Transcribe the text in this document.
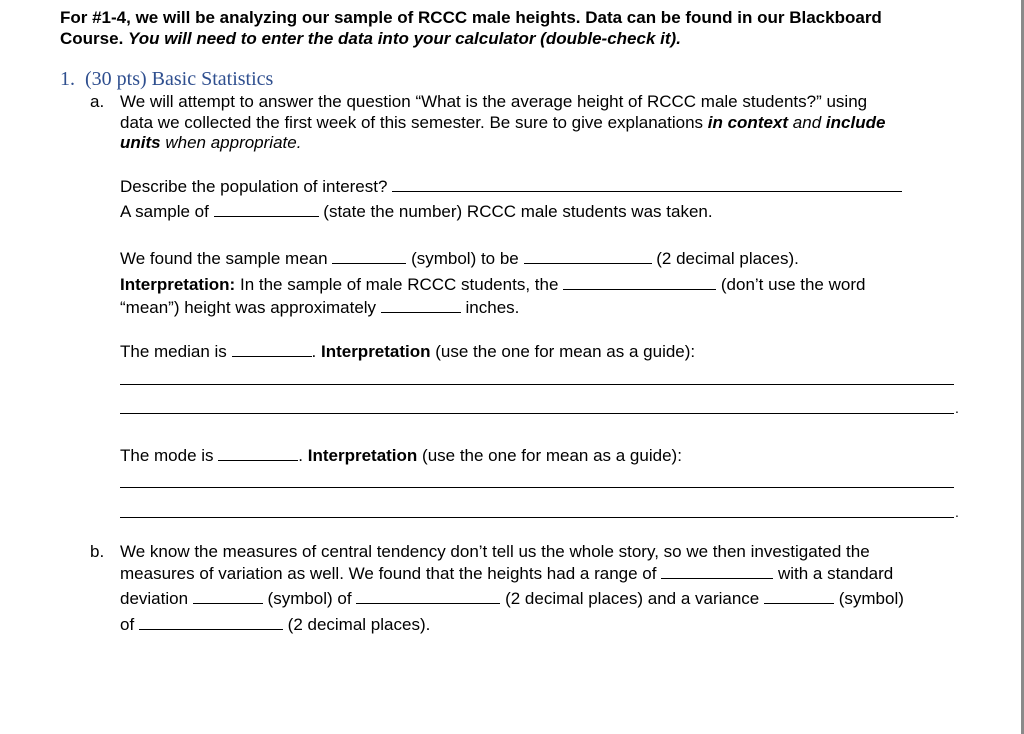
For #1-4, we will be analyzing our sample of RCCC male heights. Data can be found in our Blackboard
Course. You will need to enter the data into your calculator (double-check it).
1. (30 pts) Basic Statistics
a. We will attempt to answer the question “What is the average height of RCCC male students?” using
data we collected the first week of this semester. Be sure to give explanations in context and include
units when appropriate.
Describe the population of interest?
A sample of	(state the number) RCCC male students was taken.
We found the sample mean	(symbol) to be	(2 decimal places).
Interpretation: In the sample of male RCCC students, the	(don’t use the word
“mean”) height was approximately	inches.
The median is	. Interpretation (use the one for mean as a guide):
.
The mode is	. Interpretation (use the one for mean as a guide):
.
b. We know the measures of central tendency don’t tell us the whole story, so we then investigated the
measures of variation as well. We found that the heights had a range of	with a standard
deviation	(symbol) of	(2 decimal places) and a variance	(symbol)
of	(2 decimal places).
